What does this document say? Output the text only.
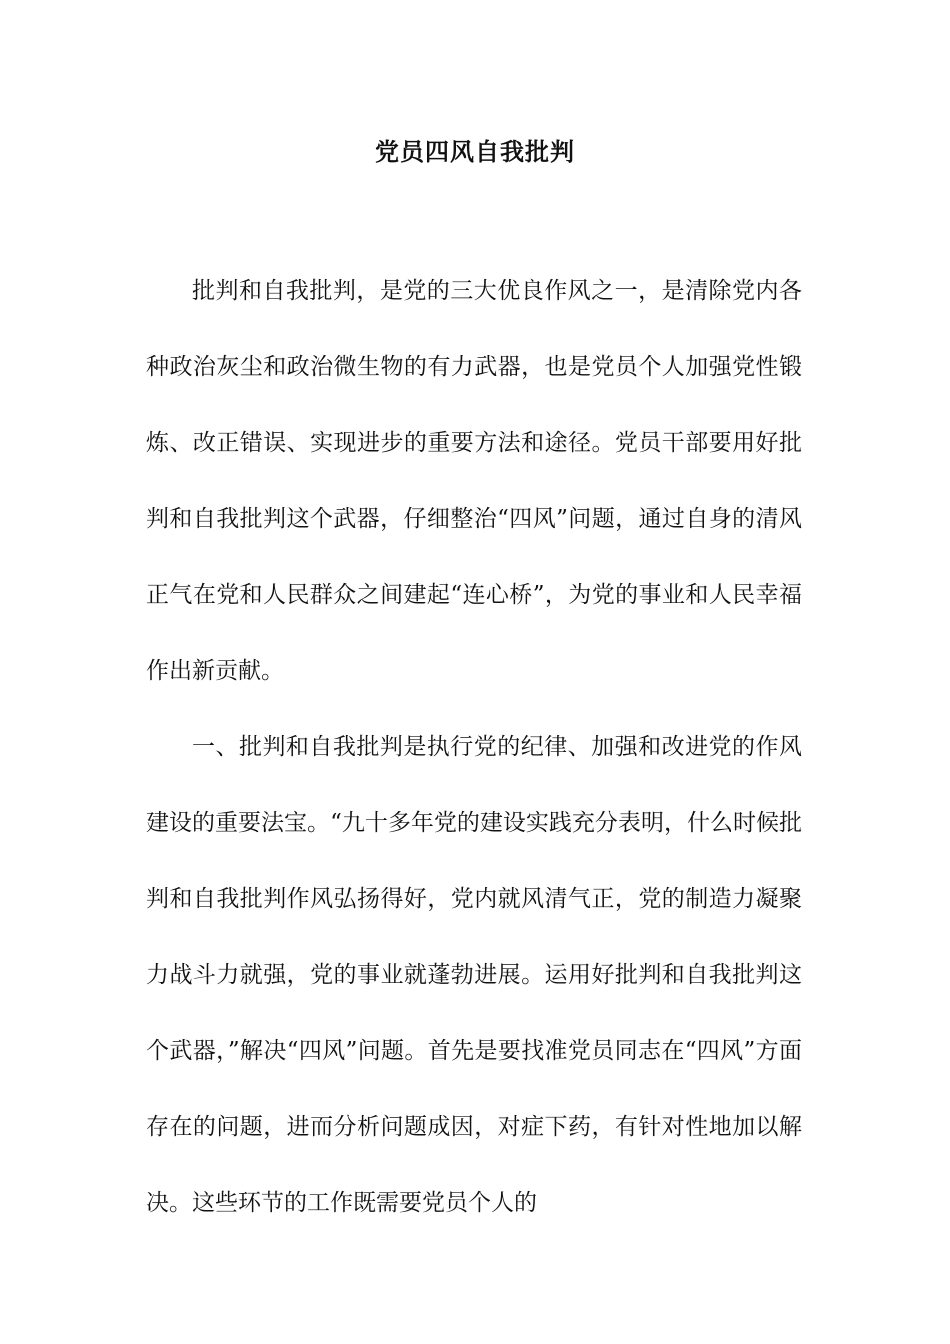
党员四风自我批判

批判和自我批判，是党的三大优良作风之一，是清除党内各种政治灰尘和政治微生物的有力武器，也是党员个人加强党性锻炼、改正错误、实现进步的重要方法和途径。党员干部要用好批判和自我批判这个武器，仔细整治“四风”问题，通过自身的清风正气在党和人民群众之间建起“连心桥”，为党的事业和人民幸福作出新贡献。

一、批判和自我批判是执行党的纪律、加强和改进党的作风建设的重要法宝。“九十多年党的建设实践充分表明，什么时候批判和自我批判作风弘扬得好，党内就风清气正，党的制造力凝聚力战斗力就强，党的事业就蓬勃进展。运用好批判和自我批判这个武器，”解决“四风”问题。首先是要找准党员同志在“四风”方面存在的问题，进而分析问题成因，对症下药，有针对性地加以解决。这些环节的工作既需要党员个人的
